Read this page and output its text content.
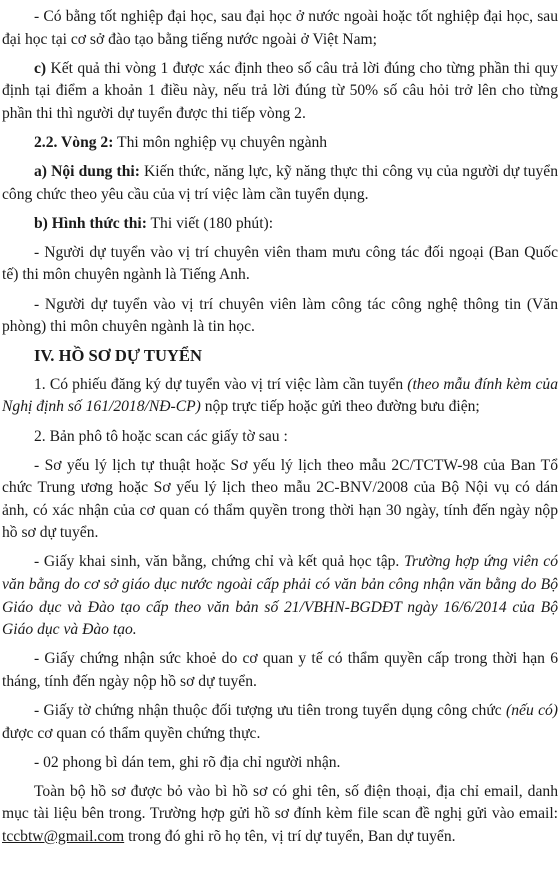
- Có bằng tốt nghiệp đại học, sau đại học ở nước ngoài hoặc tốt nghiệp đại học, sau đại học tại cơ sở đào tạo bằng tiếng nước ngoài ở Việt Nam;

c) Kết quả thi vòng 1 được xác định theo số câu trả lời đúng cho từng phần thi quy định tại điểm a khoản 1 điều này, nếu trả lời đúng từ 50% số câu hỏi trở lên cho từng phần thi thì người dự tuyển được thi tiếp vòng 2.

2.2. Vòng 2: Thi môn nghiệp vụ chuyên ngành

a) Nội dung thi: Kiến thức, năng lực, kỹ năng thực thi công vụ của người dự tuyển công chức theo yêu cầu của vị trí việc làm cần tuyển dụng.

b) Hình thức thi: Thi viết (180 phút):

- Người dự tuyển vào vị trí chuyên viên tham mưu công tác đối ngoại (Ban Quốc tế) thi môn chuyên ngành là Tiếng Anh.

- Người dự tuyển vào vị trí chuyên viên làm công tác công nghệ thông tin (Văn phòng) thi môn chuyên ngành là tin học.

IV. HỒ SƠ DỰ TUYỂN

1. Có phiếu đăng ký dự tuyển vào vị trí việc làm cần tuyển (theo mẫu đính kèm của Nghị định số 161/2018/NĐ-CP) nộp trực tiếp hoặc gửi theo đường bưu điện;

2. Bản phô tô hoặc scan các giấy tờ sau :

- Sơ yếu lý lịch tự thuật hoặc Sơ yếu lý lịch theo mẫu 2C/TCTW-98 của Ban Tổ chức Trung ương hoặc Sơ yếu lý lịch theo mẫu 2C-BNV/2008 của Bộ Nội vụ có dán ảnh, có xác nhận của cơ quan có thẩm quyền trong thời hạn 30 ngày, tính đến ngày nộp hồ sơ dự tuyển.

- Giấy khai sinh, văn bằng, chứng chỉ và kết quả học tập. Trường hợp ứng viên có văn bằng do cơ sở giáo dục nước ngoài cấp phải có văn bản công nhận văn bằng do Bộ Giáo dục và Đào tạo cấp theo văn bản số 21/VBHN-BGDĐT ngày 16/6/2014 của Bộ Giáo dục và Đào tạo.

- Giấy chứng nhận sức khoẻ do cơ quan y tế có thẩm quyền cấp trong thời hạn 6 tháng, tính đến ngày nộp hồ sơ dự tuyển.

- Giấy tờ chứng nhận thuộc đối tượng ưu tiên trong tuyển dụng công chức (nếu có) được cơ quan có thẩm quyền chứng thực.

- 02 phong bì dán tem, ghi rõ địa chỉ người nhận.

Toàn bộ hồ sơ được bỏ vào bì hồ sơ có ghi tên, số điện thoại, địa chỉ email, danh mục tài liệu bên trong. Trường hợp gửi hồ sơ đính kèm file scan đề nghị gửi vào email: tccbtw@gmail.com trong đó ghi rõ họ tên, vị trí dự tuyển, Ban dự tuyển.
